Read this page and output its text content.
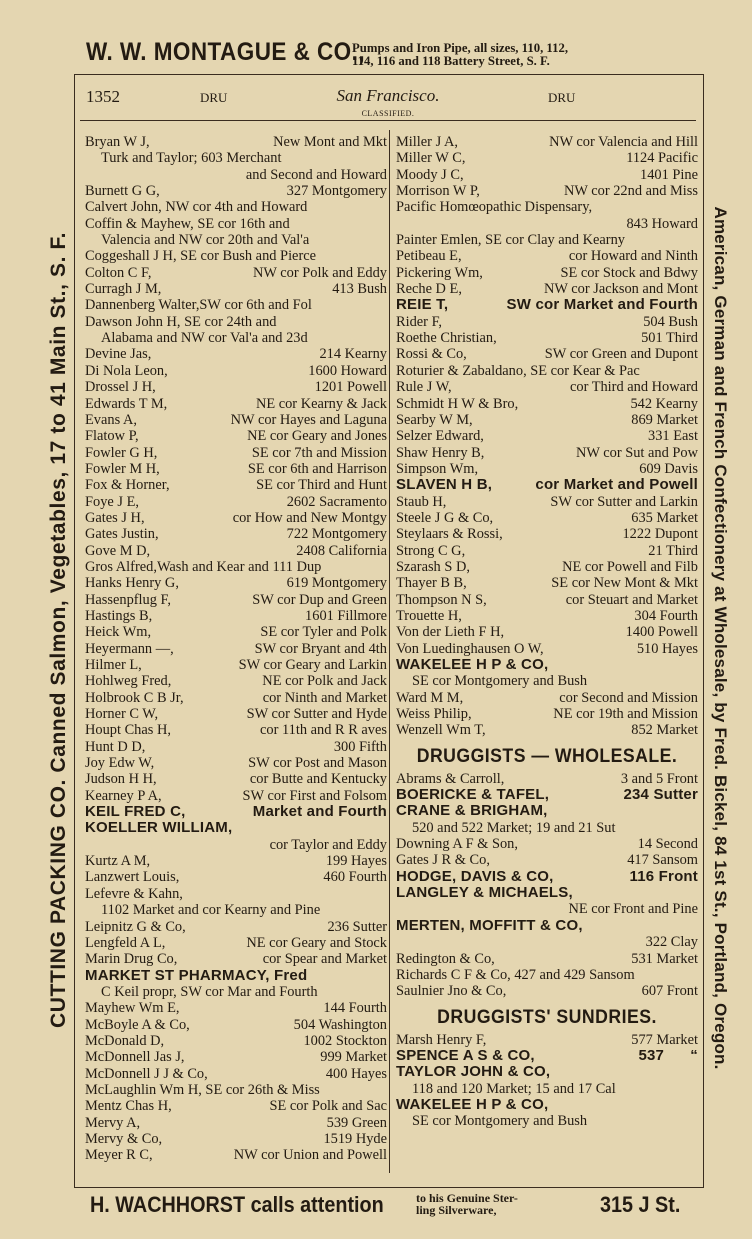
W. W. MONTAGUE & CO.,
Pumps and Iron Pipe, all sizes, 110, 112,
114, 116 and 118 Battery Street, S. F.
1352	DRU	San Francisco.	DRU
CLASSIFIED.
Bryan W J,	New Mont and Mkt
Turk and Taylor; 603 Merchant
and Second and Howard
Burnett G G,	327 Montgomery
Calvert John, NW cor 4th and Howard
Coffin & Mayhew, SE cor 16th and
Valencia and NW cor 20th and Val'a
Coggeshall J H, SE cor Bush and Pierce
Colton C F,	NW cor Polk and Eddy
Curragh J M,	413 Bush
Dannenberg Walter,SW cor 6th and Fol
Dawson John H, SE cor 24th and
Alabama and NW cor Val'a and 23d
Devine Jas,	214 Kearny
Di Nola Leon,	1600 Howard
Drossel J H,	1201 Powell
Edwards T M,	NE cor Kearny & Jack
Evans A,	NW cor Hayes and Laguna
Flatow P,	NE cor Geary and Jones
Fowler G H,	SE cor 7th and Mission
Fowler M H,	SE cor 6th and Harrison
Fox & Horner,	SE cor Third and Hunt
Foye J E,	2602 Sacramento
Gates J H,	cor How and New Montgy
Gates Justin,	722 Montgomery
Gove M D,	2408 California
Gros Alfred,Wash and Kear and 111 Dup
Hanks Henry G,	619 Montgomery
Hassenpflug F,	SW cor Dup and Green
Hastings B,	1601 Fillmore
Heick Wm,	SE cor Tyler and Polk
Heyermann —,	SW cor Bryant and 4th
Hilmer L,	SW cor Geary and Larkin
Hohlweg Fred,	NE cor Polk and Jack
Holbrook C B Jr,	cor Ninth and Market
Horner C W,	SW cor Sutter and Hyde
Houpt Chas H,	cor 11th and R R aves
Hunt D D,	300 Fifth
Joy Edw W,	SW cor Post and Mason
Judson H H,	cor Butte and Kentucky
Kearney P A,	SW cor First and Folsom
KEIL FRED C,	Market and Fourth
KOELLER WILLIAM,
cor Taylor and Eddy
Kurtz A M,	199 Hayes
Lanzwert Louis,	460 Fourth
Lefevre & Kahn,
1102 Market and cor Kearny and Pine
Leipnitz G & Co,	236 Sutter
Lengfeld A L,	NE cor Geary and Stock
Marin Drug Co,	cor Spear and Market
MARKET ST PHARMACY, Fred
C Keil propr, SW cor Mar and Fourth
Mayhew Wm E,	144 Fourth
McBoyle A & Co,	504 Washington
McDonald D,	1002 Stockton
McDonnell Jas J,	999 Market
McDonnell J J & Co,	400 Hayes
McLaughlin Wm H, SE cor 26th & Miss
Mentz Chas H,	SE cor Polk and Sac
Mervy A,	539 Green
Mervy & Co,	1519 Hyde
Meyer R C,	NW cor Union and Powell
Miller J A,	NW cor Valencia and Hill
Miller W C,	1124 Pacific
Moody J C,	1401 Pine
Morrison W P,	NW cor 22nd and Miss
Pacific Homœopathic Dispensary,
843 Howard
Painter Emlen, SE cor Clay and Kearny
Petibeau E,	cor Howard and Ninth
Pickering Wm,	SE cor Stock and Bdwy
Reche D E,	NW cor Jackson and Mont
REIE T,	SW cor Market and Fourth
Rider F,	504 Bush
Roethe Christian,	501 Third
Rossi & Co,	SW cor Green and Dupont
Roturier & Zabaldano, SE cor Kear & Pac
Rule J W,	cor Third and Howard
Schmidt H W & Bro,	542 Kearny
Searby W M,	869 Market
Selzer Edward,	331 East
Shaw Henry B,	NW cor Sut and Pow
Simpson Wm,	609 Davis
SLAVEN H B,	cor Market and Powell
Staub H,	SW cor Sutter and Larkin
Steele J G & Co,	635 Market
Steylaars & Rossi,	1222 Dupont
Strong C G,	21 Third
Szarash S D,	NE cor Powell and Filb
Thayer B B,	SE cor New Mont & Mkt
Thompson N S,	cor Steuart and Market
Trouette H,	304 Fourth
Von der Lieth F H,	1400 Powell
Von Luedinghausen O W,	510 Hayes
WAKELEE H P & CO,
SE cor Montgomery and Bush
Ward M M,	cor Second and Mission
Weiss Philip,	NE cor 19th and Mission
Wenzell Wm T,	852 Market
DRUGGISTS — WHOLESALE.
Abrams & Carroll,	3 and 5 Front
BOERICKE & TAFEL,	234 Sutter
CRANE & BRIGHAM,
520 and 522 Market; 19 and 21 Sut
Downing A F & Son,	14 Second
Gates J R & Co,	417 Sansom
HODGE, DAVIS & CO,	116 Front
LANGLEY & MICHAELS,
NE cor Front and Pine
MERTEN, MOFFITT & CO,
322 Clay
Redington & Co,	531 Market
Richards C F & Co, 427 and 429 Sansom
Saulnier Jno & Co,	607 Front
DRUGGISTS' SUNDRIES.
Marsh Henry F,	577 Market
SPENCE A S & CO,	537      “
TAYLOR JOHN & CO,
118 and 120 Market; 15 and 17 Cal
WAKELEE H P & CO,
SE cor Montgomery and Bush
CUTTING PACKING CO. Canned Salmon, Vegetables, 17 to 41 Main St., S. F.	American, German and French Confectionery at Wholesale, by Fred. Bickel, 84 1st St., Portland, Oregon.
H. WACHHORST calls attention	to his Genuine Ster-
ling Silverware,	315 J St.
